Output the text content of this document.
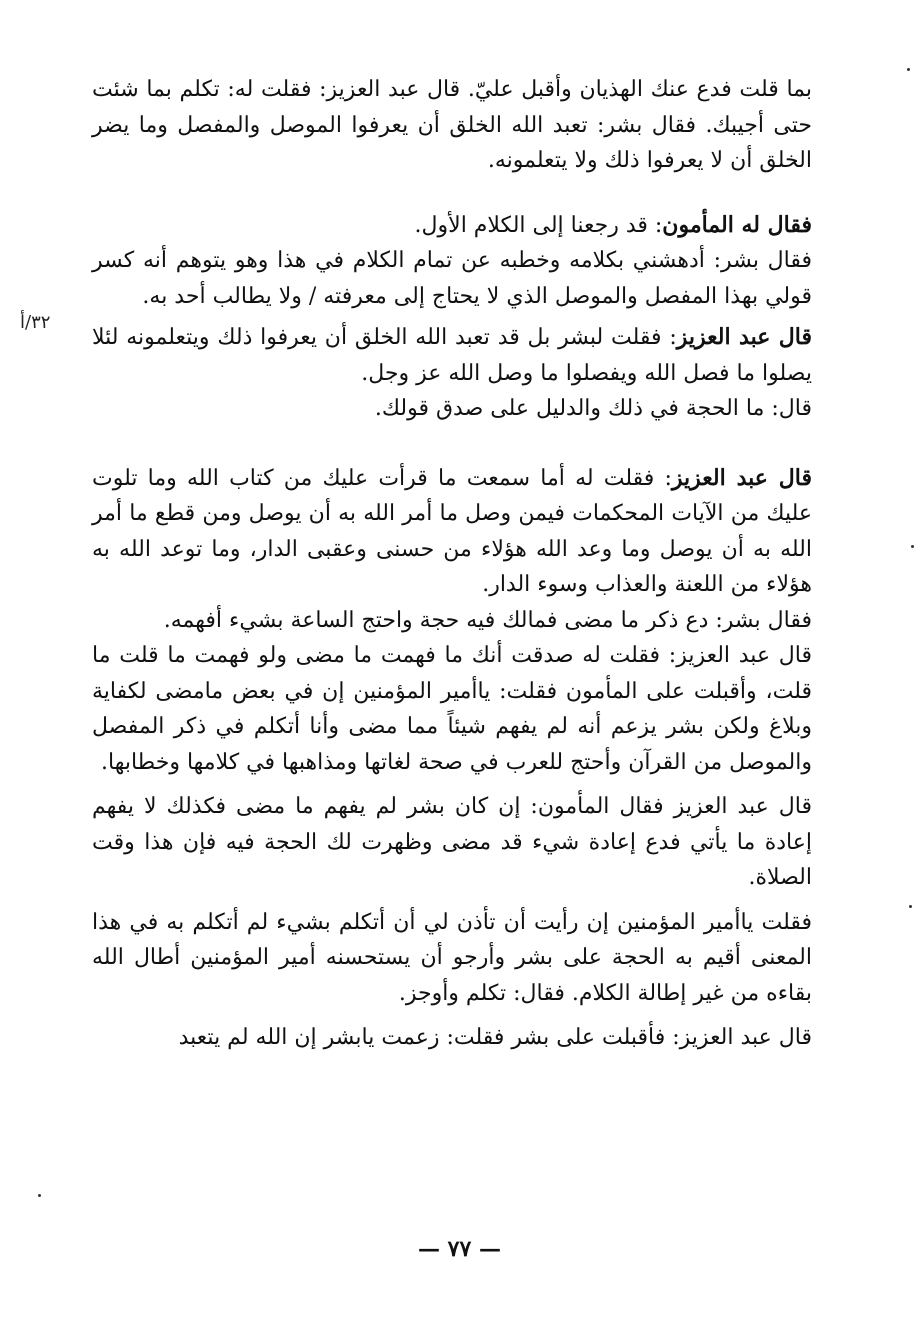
بما قلت فدع عنك الهذيان وأقبل عليّ. قال عبد العزيز: فقلت له: تكلم بما شئت حتى أجيبك. فقال بشر: تعبد الله الخلق أن يعرفوا الموصل والمفصل وما يضر الخلق أن لا يعرفوا ذلك ولا يتعلمونه.

فقال له المأمون: قد رجعنا إلى الكلام الأول.

فقال بشر: أدهشني بكلامه وخطبه عن تمام الكلام في هذا وهو يتوهم أنه كسر قولي بهذا المفصل والموصل الذي لا يحتاج إلى معرفته / ولا يطالب أحد به.

قال عبد العزيز: فقلت لبشر بل قد تعبد الله الخلق أن يعرفوا ذلك ويتعلمونه لئلا يصلوا ما فصل الله ويفصلوا ما وصل الله عز وجل.

قال: ما الحجة في ذلك والدليل على صدق قولك.

قال عبد العزيز: فقلت له أما سمعت ما قرأت عليك من كتاب الله وما تلوت عليك من الآيات المحكمات فيمن وصل ما أمر الله به أن يوصل ومن قطع ما أمر الله به أن يوصل وما وعد الله هؤلاء من حسنى وعقبى الدار، وما توعد الله به هؤلاء من اللعنة والعذاب وسوء الدار.

فقال بشر: دع ذكر ما مضى فمالك فيه حجة واحتج الساعة بشيء أفهمه.

قال عبد العزيز: فقلت له صدقت أنك ما فهمت ما مضى ولو فهمت ما قلت ما قلت، وأقبلت على المأمون فقلت: ياأمير المؤمنين إن في بعض مامضى لكفاية وبلاغ ولكن بشر يزعم أنه لم يفهم شيئاً مما مضى وأنا أتكلم في ذكر المفصل والموصل من القرآن وأحتج للعرب في صحة لغاتها ومذاهبها في كلامها وخطابها.

قال عبد العزيز فقال المأمون: إن كان بشر لم يفهم ما مضى فكذلك لا يفهم إعادة ما يأتي فدع إعادة شيء قد مضى وظهرت لك الحجة فيه فإن هذا وقت الصلاة.

فقلت ياأمير المؤمنين إن رأيت أن تأذن لي أن أتكلم بشيء لم أتكلم به في هذا المعنى أقيم به الحجة على بشر وأرجو أن يستحسنه أمير المؤمنين أطال الله بقاءه من غير إطالة الكلام. فقال: تكلم وأوجز.

قال عبد العزيز: فأقبلت على بشر فقلت: زعمت يابشر إن الله لم يتعبد

٣٢/أ
— ٧٧ —
